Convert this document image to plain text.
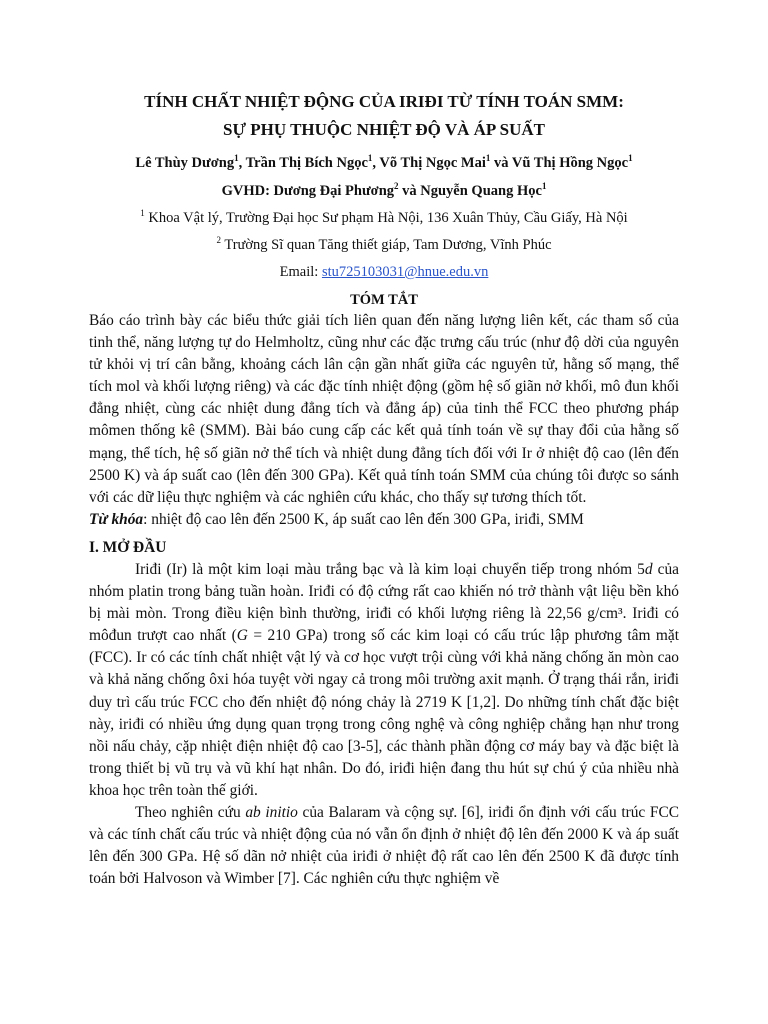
TÍNH CHẤT NHIỆT ĐỘNG CỦA IRIĐI TỪ TÍNH TOÁN SMM:
SỰ PHỤ THUỘC NHIỆT ĐỘ VÀ ÁP SUẤT
Lê Thùy Dương$^1$, Trần Thị Bích Ngọc$^1$, Võ Thị Ngọc Mai$^1$ và Vũ Thị Hồng Ngọc$^1$
GVHD: Dương Đại Phương$^2$ và Nguyễn Quang Học$^1$
$^1$ Khoa Vật lý, Trường Đại học Sư phạm Hà Nội, 136 Xuân Thủy, Cầu Giấy, Hà Nội
$^2$ Trường Sĩ quan Tăng thiết giáp, Tam Dương, Vĩnh Phúc
Email: stu725103031@hnue.edu.vn
TÓM TẮT

Báo cáo trình bày các biểu thức giải tích liên quan đến năng lượng liên kết, các tham số của tinh thể, năng lượng tự do Helmholtz, cũng như các đặc trưng cấu trúc (như độ dời của nguyên tử khỏi vị trí cân bằng, khoảng cách lân cận gần nhất giữa các nguyên tử, hằng số mạng, thể tích mol và khối lượng riêng) và các đặc tính nhiệt động (gồm hệ số giãn nở khối, mô đun khối đẳng nhiệt, cùng các nhiệt dung đẳng tích và đẳng áp) của tinh thể FCC theo phương pháp mômen thống kê (SMM). Bài báo cung cấp các kết quả tính toán về sự thay đổi của hằng số mạng, thể tích, hệ số giãn nở thể tích và nhiệt dung đẳng tích đối với Ir ở nhiệt độ cao (lên đến 2500 K) và áp suất cao (lên đến 300 GPa). Kết quả tính toán SMM của chúng tôi được so sánh với các dữ liệu thực nghiệm và các nghiên cứu khác, cho thấy sự tương thích tốt.

Từ khóa: nhiệt độ cao lên đến 2500 K, áp suất cao lên đến 300 GPa, iriđi, SMM

I. MỞ ĐẦU

Iriđi (Ir) là một kim loại màu trắng bạc và là kim loại chuyển tiếp trong nhóm 5d của nhóm platin trong bảng tuần hoàn. Iriđi có độ cứng rất cao khiến nó trở thành vật liệu bền khó bị mài mòn. Trong điều kiện bình thường, iriđi có khối lượng riêng là 22,56 g/cm³. Iriđi có môđun trượt cao nhất (G = 210 GPa) trong số các kim loại có cấu trúc lập phương tâm mặt (FCC). Ir có các tính chất nhiệt vật lý và cơ học vượt trội cùng với khả năng chống ăn mòn cao và khả năng chống ôxi hóa tuyệt vời ngay cả trong môi trường axit mạnh. Ở trạng thái rắn, iriđi duy trì cấu trúc FCC cho đến nhiệt độ nóng chảy là 2719 K [1,2]. Do những tính chất đặc biệt này, iriđi có nhiều ứng dụng quan trọng trong công nghệ và công nghiệp chẳng hạn như trong nồi nấu chảy, cặp nhiệt điện nhiệt độ cao [3-5], các thành phần động cơ máy bay và đặc biệt là trong thiết bị vũ trụ và vũ khí hạt nhân. Do đó, iriđi hiện đang thu hút sự chú ý của nhiều nhà khoa học trên toàn thế giới.

Theo nghiên cứu ab initio của Balaram và cộng sự. [6], iriđi ổn định với cấu trúc FCC và các tính chất cấu trúc và nhiệt động của nó vẫn ổn định ở nhiệt độ lên đến 2000 K và áp suất lên đến 300 GPa. Hệ số dãn nở nhiệt của iriđi ở nhiệt độ rất cao lên đến 2500 K đã được tính toán bởi Halvoson và Wimber [7]. Các nghiên cứu thực nghiệm về
